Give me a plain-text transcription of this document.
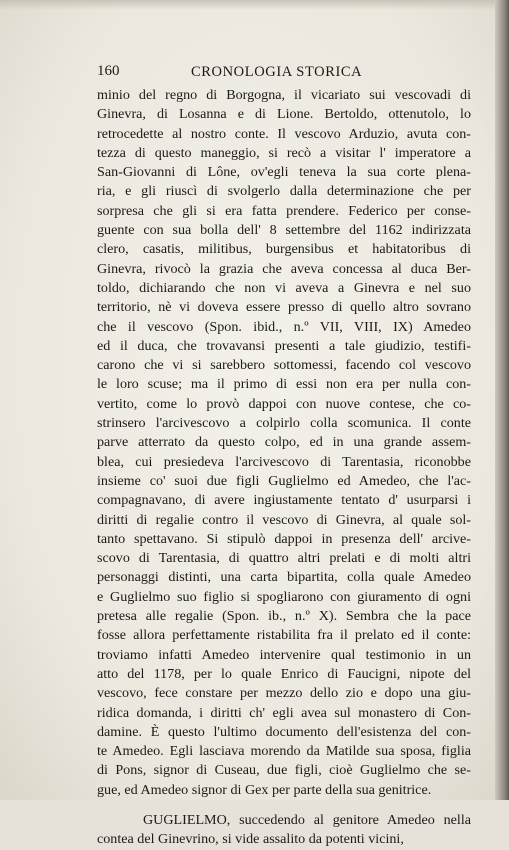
160	CRONOLOGIA STORICA
minio del regno di Borgogna, il vicariato sui vescovadi di
Ginevra, di Losanna e di Lione. Bertoldo, ottenutolo, lo
retrocedette al nostro conte. Il vescovo Arduzio, avuta con-
tezza di questo maneggio, si recò a visitar l' imperatore a
San-Giovanni di Lône, ov'egli teneva la sua corte plena-
ria, e gli riuscì di svolgerlo dalla determinazione che per
sorpresa che gli si era fatta prendere. Federico per conse-
guente con sua bolla dell' 8 settembre del 1162 indirizzata
clero, casatis, militibus, burgensibus et habitatoribus di
Ginevra, rivocò la grazia che aveva concessa al duca Ber-
toldo, dichiarando che non vi aveva a Ginevra e nel suo
territorio, nè vi doveva essere presso di quello altro sovrano
che il vescovo (Spon. ibid., n.º VII, VIII, IX) Amedeo
ed il duca, che trovavansi presenti a tale giudizio, testifi-
carono che vi si sarebbero sottomessi, facendo col vescovo
le loro scuse; ma il primo di essi non era per nulla con-
vertito, come lo provò dappoi con nuove contese, che co-
strinsero l'arcivescovo a colpirlo colla scomunica. Il conte
parve atterrato da questo colpo, ed in una grande assem-
blea, cui presiedeva l'arcivescovo di Tarentasia, riconobbe
insieme co' suoi due figli Guglielmo ed Amedeo, che l'ac-
compagnavano, di avere ingiustamente tentato d' usurparsi i
diritti di regalie contro il vescovo di Ginevra, al quale sol-
tanto spettavano. Si stipulò dappoi in presenza dell' arcive-
scovo di Tarentasia, di quattro altri prelati e di molti altri
personaggi distinti, una carta bipartita, colla quale Amedeo
e Guglielmo suo figlio si spogliarono con giuramento di ogni
pretesa alle regalie (Spon. ib., n.º X). Sembra che la pace
fosse allora perfettamente ristabilita fra il prelato ed il conte:
troviamo infatti Amedeo intervenire qual testimonio in un
atto del 1178, per lo quale Enrico di Faucigni, nipote del
vescovo, fece constare per mezzo dello zio e dopo una giu-
ridica domanda, i diritti ch' egli avea sul monastero di Con-
damine. È questo l'ultimo documento dell'esistenza del con-
te Amedeo. Egli lasciava morendo da Matilde sua sposa, figlia
di Pons, signor di Cuseau, due figli, cioè Guglielmo che se-
gue, ed Amedeo signor di Gex per parte della sua genitrice.
GUGLIELMO, succedendo al genitore Amedeo nella
contea del Ginevrino, si vide assalito da potenti vicini,
